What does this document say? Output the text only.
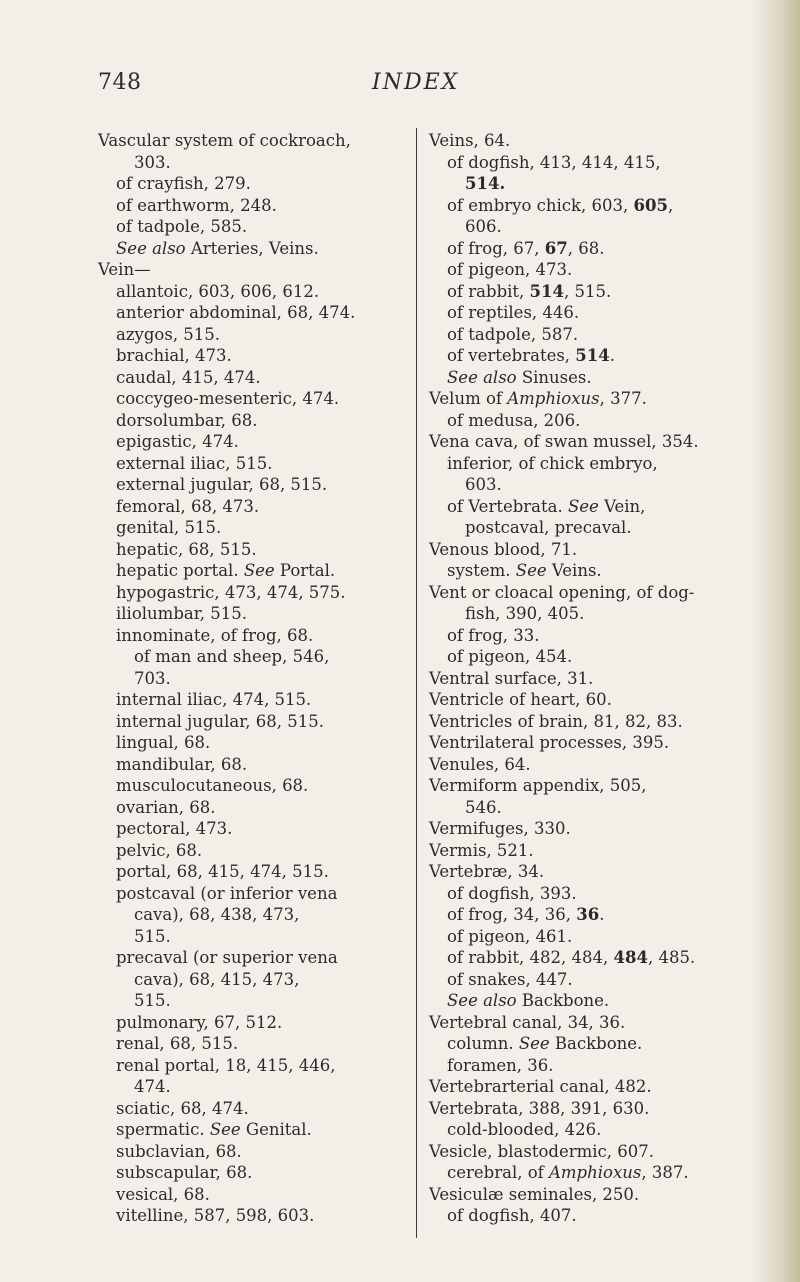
748	INDEX

Vascular system of cockroach,

303.

of crayfish, 279.

of earthworm, 248.

of tadpole, 585.

See also Arteries, Veins.

Vein—

allantoic, 603, 606, 612.

anterior abdominal, 68, 474.

azygos, 515.

brachial, 473.

caudal, 415, 474.

coccygeo-mesenteric, 474.

dorsolumbar, 68.

epigastic, 474.

external iliac, 515.

external jugular, 68, 515.

femoral, 68, 473.

genital, 515.

hepatic, 68, 515.

hepatic portal. See Portal.

hypogastric, 473, 474, 575.

iliolumbar, 515.

innominate, of frog, 68.

of man and sheep, 546,

703.

internal iliac, 474, 515.

internal jugular, 68, 515.

lingual, 68.

mandibular, 68.

musculocutaneous, 68.

ovarian, 68.

pectoral, 473.

pelvic, 68.

portal, 68, 415, 474, 515.

postcaval (or inferior vena

cava), 68, 438, 473,

515.

precaval (or superior vena

cava), 68, 415, 473,

515.

pulmonary, 67, 512.

renal, 68, 515.

renal portal, 18, 415, 446,

474.

sciatic, 68, 474.

spermatic. See Genital.

subclavian, 68.

subscapular, 68.

vesical, 68.

vitelline, 587, 598, 603.

Veins, 64.

of dogfish, 413, 414, 415,

514.

of embryo chick, 603, 605,

606.

of frog, 67, 67, 68.

of pigeon, 473.

of rabbit, 514, 515.

of reptiles, 446.

of tadpole, 587.

of vertebrates, 514.

See also Sinuses.

Velum of Amphioxus, 377.

of medusa, 206.

Vena cava, of swan mussel, 354.

inferior, of chick embryo,

603.

of Vertebrata. See Vein,

postcaval, precaval.

Venous blood, 71.

system. See Veins.

Vent or cloacal opening, of dog-

fish, 390, 405.

of frog, 33.

of pigeon, 454.

Ventral surface, 31.

Ventricle of heart, 60.

Ventricles of brain, 81, 82, 83.

Ventrilateral processes, 395.

Venules, 64.

Vermiform appendix, 505,

546.

Vermifuges, 330.

Vermis, 521.

Vertebræ, 34.

of dogfish, 393.

of frog, 34, 36, 36.

of pigeon, 461.

of rabbit, 482, 484, 484, 485.

of snakes, 447.

See also Backbone.

Vertebral canal, 34, 36.

column. See Backbone.

foramen, 36.

Vertebrarterial canal, 482.

Vertebrata, 388, 391, 630.

cold-blooded, 426.

Vesicle, blastodermic, 607.

cerebral, of Amphioxus, 387.

Vesiculæ seminales, 250.

of dogfish, 407.
